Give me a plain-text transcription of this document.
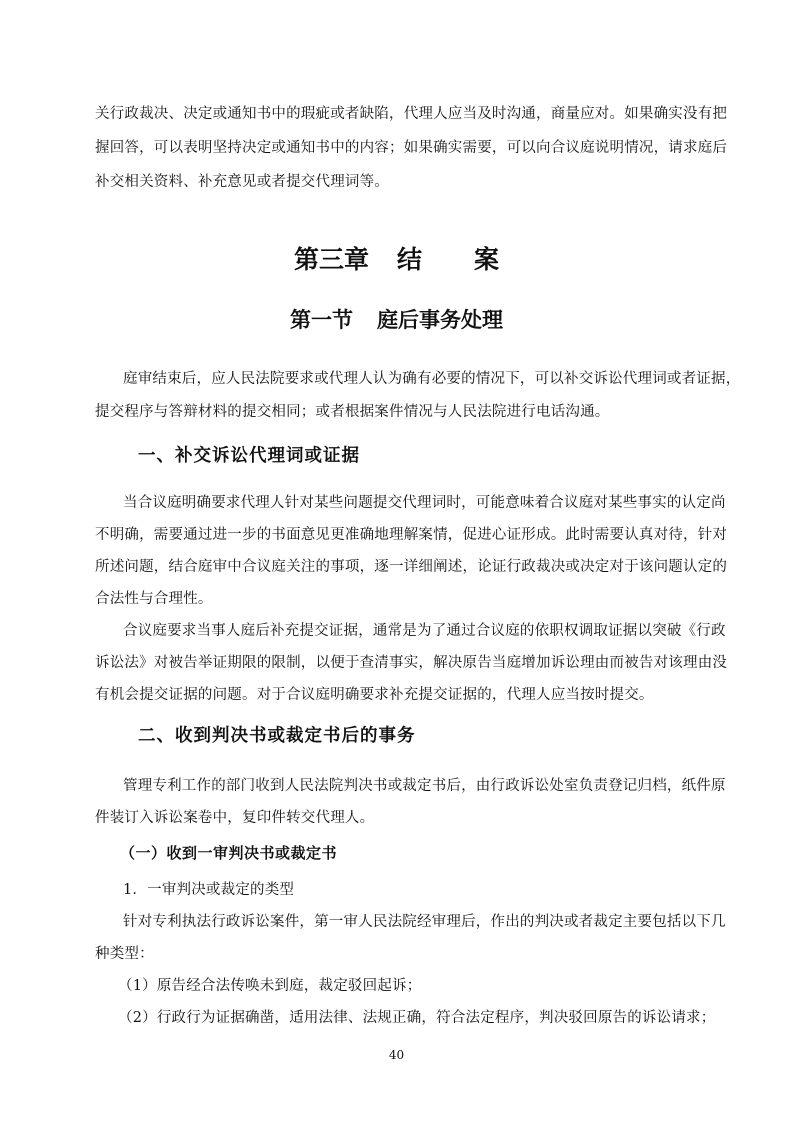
关行政裁决、决定或通知书中的瑕疵或者缺陷，代理人应当及时沟通，商量应对。如果确实没有把
握回答，可以表明坚持决定或通知书中的内容；如果确实需要，可以向合议庭说明情况，请求庭后
补交相关资料、补充意见或者提交代理词等。
第三章 结 案
第一节 庭后事务处理
庭审结束后，应人民法院要求或代理人认为确有必要的情况下，可以补交诉讼代理词或者证据，
提交程序与答辩材料的提交相同；或者根据案件情况与人民法院进行电话沟通。
一、补交诉讼代理词或证据
当合议庭明确要求代理人针对某些问题提交代理词时，可能意味着合议庭对某些事实的认定尚
不明确，需要通过进一步的书面意见更准确地理解案情，促进心证形成。此时需要认真对待，针对
所述问题，结合庭审中合议庭关注的事项，逐一详细阐述，论证行政裁决或决定对于该问题认定的
合法性与合理性。
合议庭要求当事人庭后补充提交证据，通常是为了通过合议庭的依职权调取证据以突破《行政
诉讼法》对被告举证期限的限制，以便于查清事实，解决原告当庭增加诉讼理由而被告对该理由没
有机会提交证据的问题。对于合议庭明确要求补充提交证据的，代理人应当按时提交。
二、收到判决书或裁定书后的事务
管理专利工作的部门收到人民法院判决书或裁定书后，由行政诉讼处室负责登记归档，纸件原
件装订入诉讼案卷中，复印件转交代理人。
（一）收到一审判决书或裁定书
1．一审判决或裁定的类型
针对专利执法行政诉讼案件，第一审人民法院经审理后，作出的判决或者裁定主要包括以下几
种类型：
（1）原告经合法传唤未到庭，裁定驳回起诉；
（2）行政行为证据确凿，适用法律、法规正确，符合法定程序，判决驳回原告的诉讼请求；
40
